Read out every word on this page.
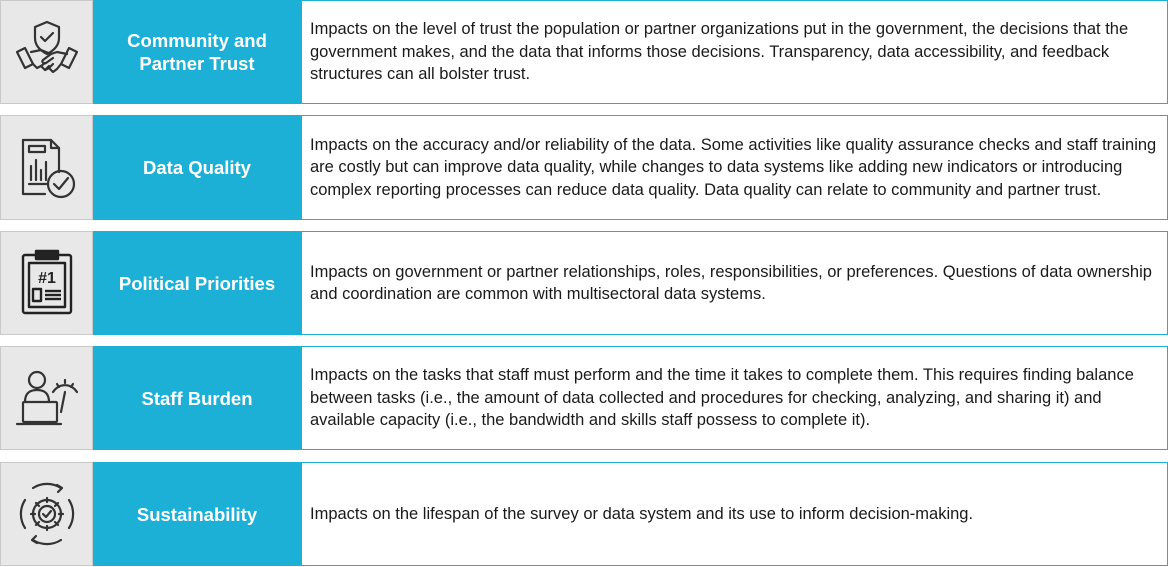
Community and Partner Trust
Impacts on the level of trust the population or partner organizations put in the government, the decisions that the government makes, and the data that informs those decisions. Transparency, data accessibility, and feedback structures can all bolster trust.
Data Quality
Impacts on the accuracy and/or reliability of the data. Some activities like quality assurance checks and staff training are costly but can improve data quality, while changes to data systems like adding new indicators or introducing complex reporting processes can reduce data quality. Data quality can relate to community and partner trust.
#1	Political Priorities
Impacts on government or partner relationships, roles, responsibilities, or preferences. Questions of data ownership and coordination are common with multisectoral data systems.
Staff Burden
Impacts on the tasks that staff must perform and the time it takes to complete them. This requires finding balance between tasks (i.e., the amount of data collected and procedures for checking, analyzing, and sharing it) and available capacity (i.e., the bandwidth and skills staff possess to complete it).
Sustainability	Impacts on the lifespan of the survey or data system and its use to inform decision-making.
